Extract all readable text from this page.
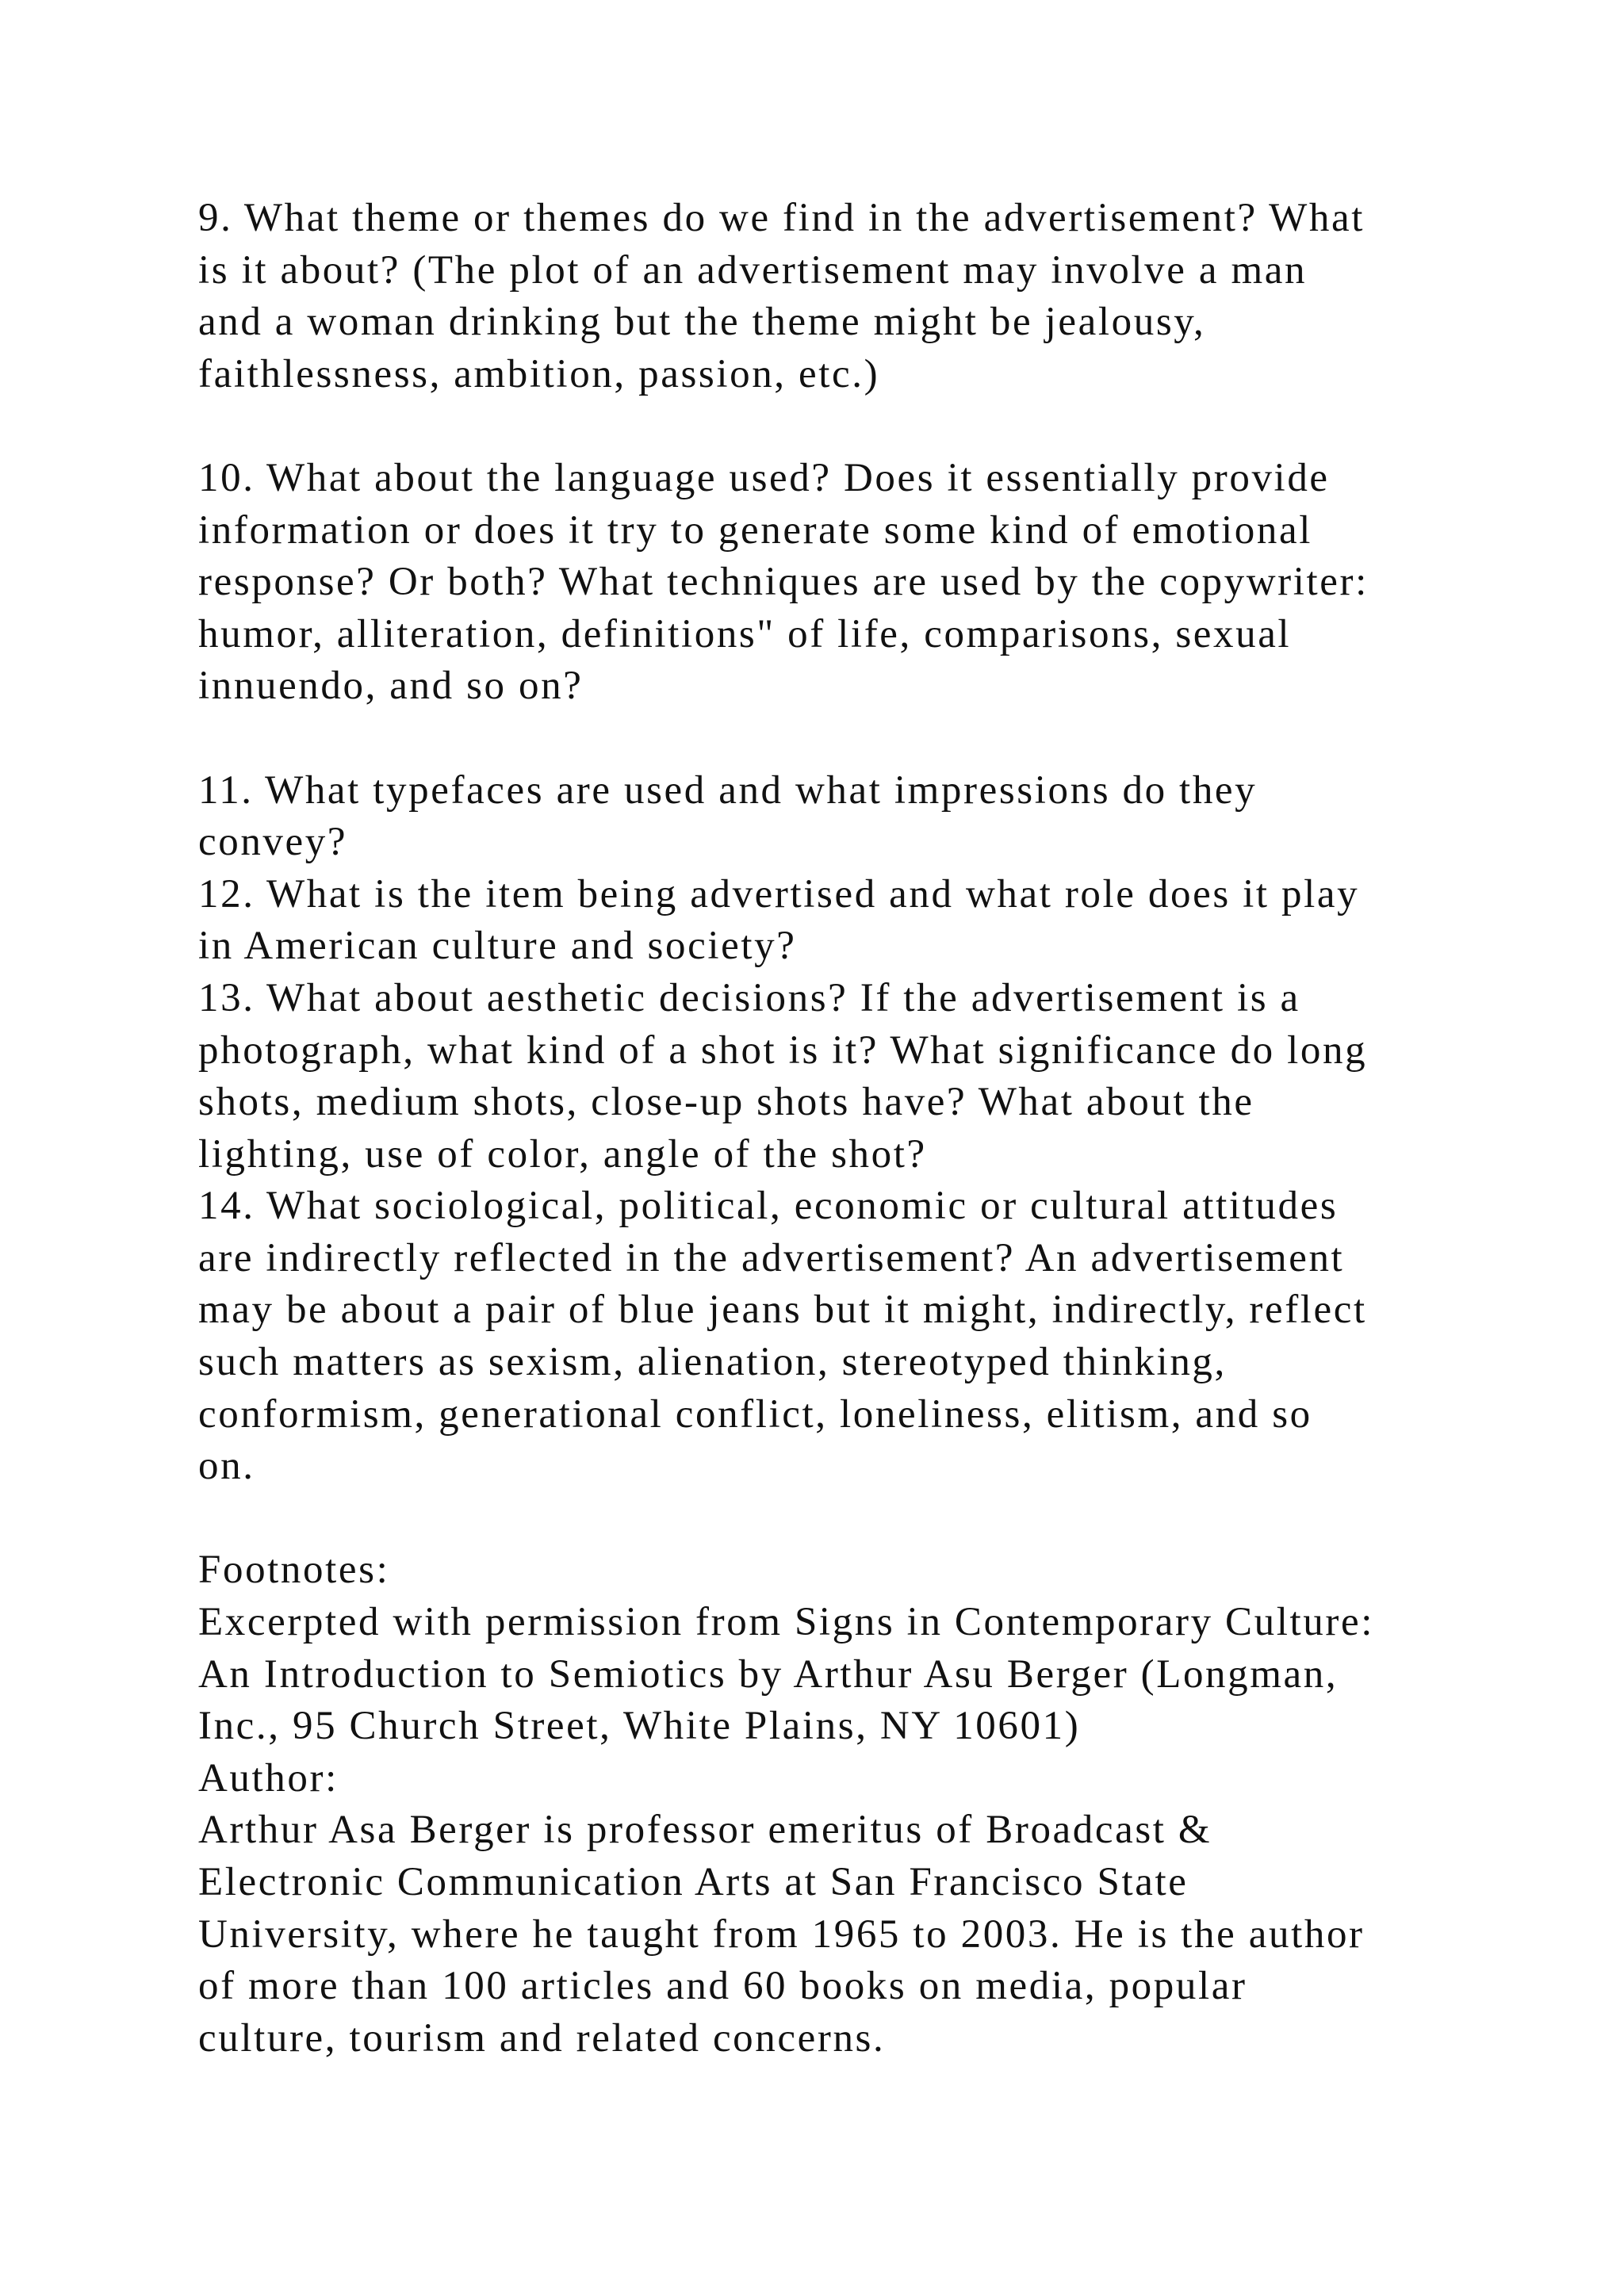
9. What theme or themes do we find in the advertisement? What
is it about? (The plot of an advertisement may involve a man
and a woman drinking but the theme might be jealousy,
faithlessness, ambition, passion, etc.)
10. What about the language used? Does it essentially provide
information or does it try to generate some kind of emotional
response? Or both? What techniques are used by the copywriter:
humor, alliteration, definitions" of life, comparisons, sexual
innuendo, and so on?
11. What typefaces are used and what impressions do they
convey?
12. What is the item being advertised and what role does it play
in American culture and society?
13. What about aesthetic decisions? If the advertisement is a
photograph, what kind of a shot is it? What significance do long
shots, medium shots, close-up shots have? What about the
lighting, use of color, angle of the shot?
14. What sociological, political, economic or cultural attitudes
are indirectly reflected in the advertisement? An advertisement
may be about a pair of blue jeans but it might, indirectly, reflect
such matters as sexism, alienation, stereotyped thinking,
conformism, generational conflict, loneliness, elitism, and so
on.
Footnotes:
Excerpted with permission from Signs in Contemporary Culture:
An Introduction to Semiotics by Arthur Asu Berger (Longman,
Inc., 95 Church Street, White Plains, NY 10601)
Author:
Arthur Asa Berger is professor emeritus of Broadcast &
Electronic Communication Arts at San Francisco State
University, where he taught from 1965 to 2003. He is the author
of more than 100 articles and 60 books on media, popular
culture, tourism and related concerns.
